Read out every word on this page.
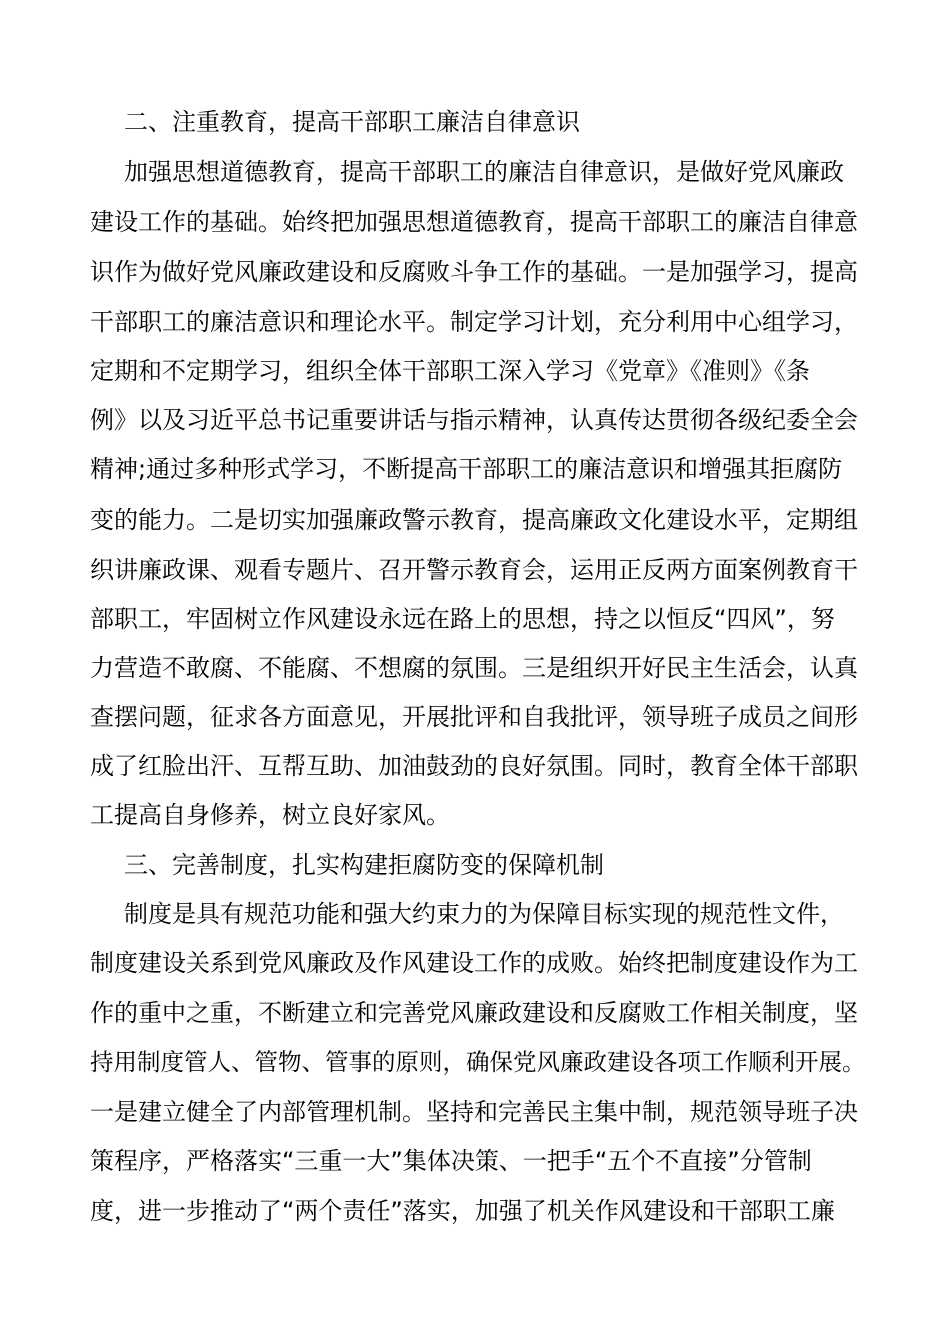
二、注重教育，提高干部职工廉洁自律意识
加强思想道德教育，提高干部职工的廉洁自律意识，是做好党风廉政
建设工作的基础。始终把加强思想道德教育，提高干部职工的廉洁自律意
识作为做好党风廉政建设和反腐败斗争工作的基础。一是加强学习，提高
干部职工的廉洁意识和理论水平。制定学习计划，充分利用中心组学习，
定期和不定期学习，组织全体干部职工深入学习《党章》《准则》《条
例》以及习近平总书记重要讲话与指示精神，认真传达贯彻各级纪委全会
精神;通过多种形式学习，不断提高干部职工的廉洁意识和增强其拒腐防
变的能力。二是切实加强廉政警示教育，提高廉政文化建设水平，定期组
织讲廉政课、观看专题片、召开警示教育会，运用正反两方面案例教育干
部职工，牢固树立作风建设永远在路上的思想，持之以恒反“四风”，努
力营造不敢腐、不能腐、不想腐的氛围。三是组织开好民主生活会，认真
查摆问题，征求各方面意见，开展批评和自我批评，领导班子成员之间形
成了红脸出汗、互帮互助、加油鼓劲的良好氛围。同时，教育全体干部职
工提高自身修养，树立良好家风。
三、完善制度，扎实构建拒腐防变的保障机制
制度是具有规范功能和强大约束力的为保障目标实现的规范性文件，
制度建设关系到党风廉政及作风建设工作的成败。始终把制度建设作为工
作的重中之重，不断建立和完善党风廉政建设和反腐败工作相关制度，坚
持用制度管人、管物、管事的原则，确保党风廉政建设各项工作顺利开展。
一是建立健全了内部管理机制。坚持和完善民主集中制，规范领导班子决
策程序，严格落实“三重一大”集体决策、一把手“五个不直接”分管制
度，进一步推动了“两个责任”落实，加强了机关作风建设和干部职工廉
